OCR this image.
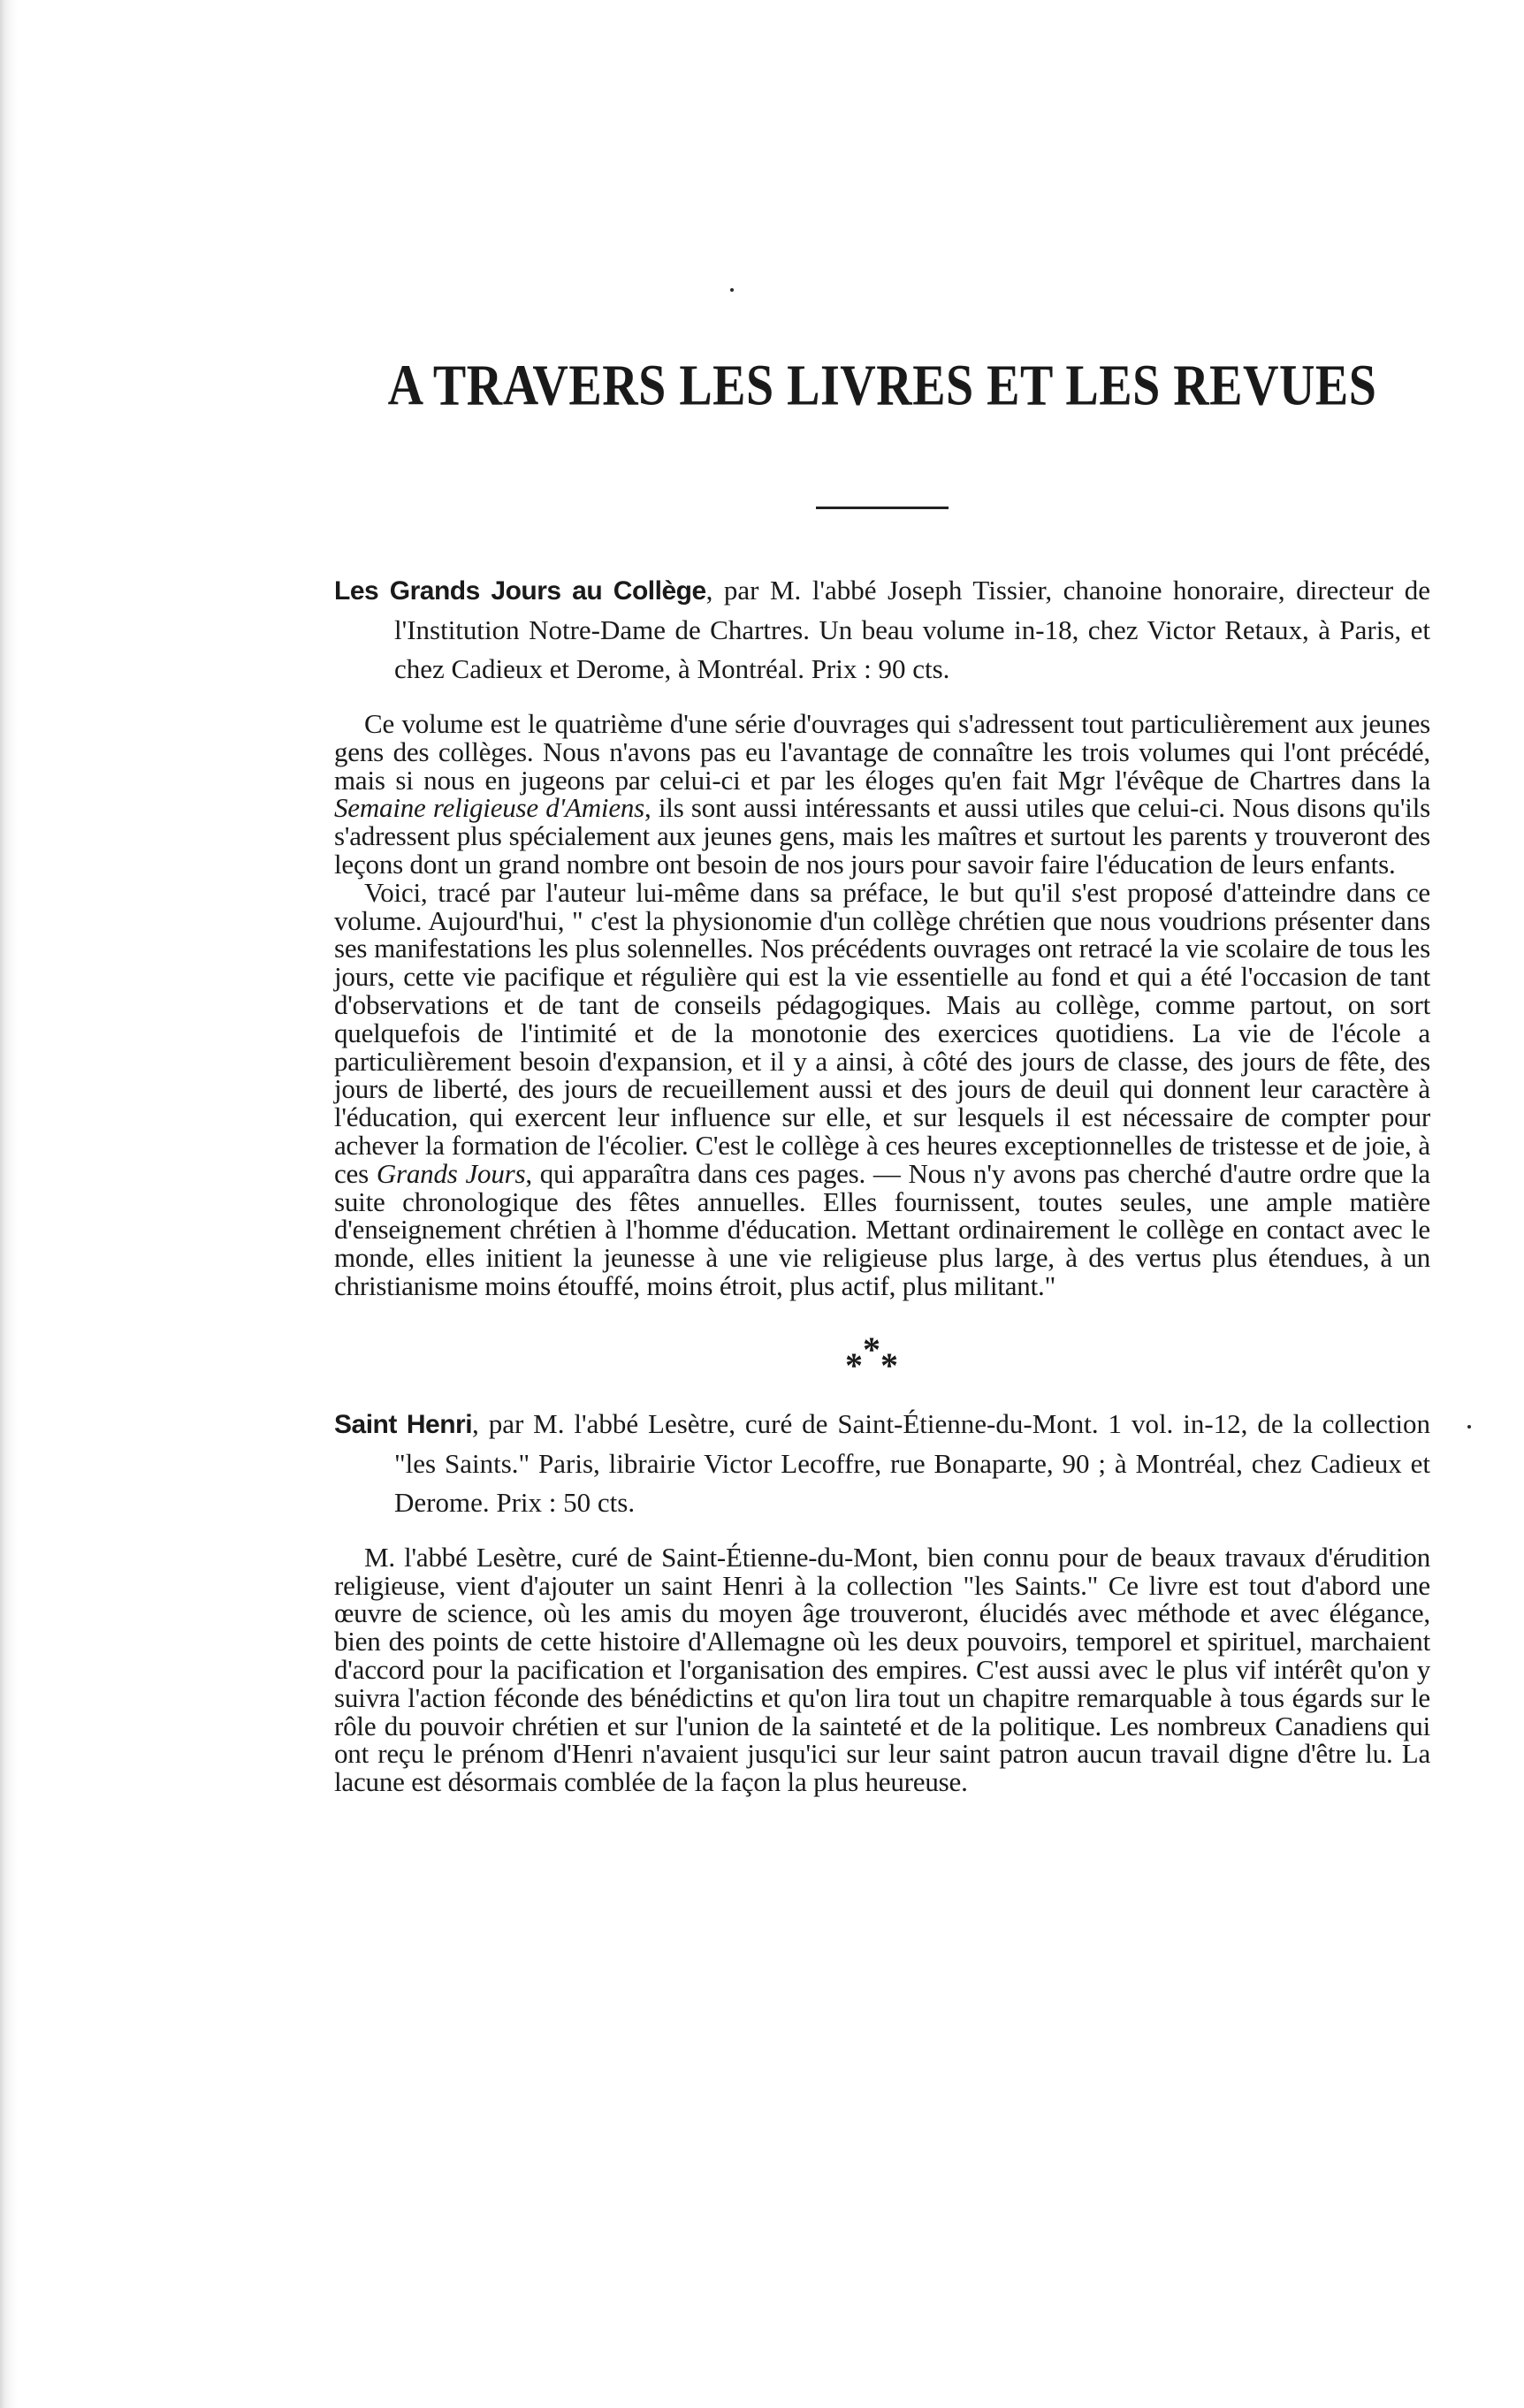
A TRAVERS LES LIVRES ET LES REVUES
Les Grands Jours au Collège, par M. l'abbé Joseph Tissier, chanoine honoraire, directeur de l'Institution Notre-Dame de Chartres. Un beau volume in-18, chez Victor Retaux, à Paris, et chez Cadieux et Derome, à Montréal. Prix : 90 cts.

Ce volume est le quatrième d'une série d'ouvrages qui s'adressent tout particulièrement aux jeunes gens des collèges. Nous n'avons pas eu l'avantage de connaître les trois volumes qui l'ont précédé, mais si nous en jugeons par celui-ci et par les éloges qu'en fait Mgr l'évêque de Chartres dans la Semaine religieuse d'Amiens, ils sont aussi intéressants et aussi utiles que celui-ci. Nous disons qu'ils s'adressent plus spécialement aux jeunes gens, mais les maîtres et surtout les parents y trouveront des leçons dont un grand nombre ont besoin de nos jours pour savoir faire l'éducation de leurs enfants.

Voici, tracé par l'auteur lui-même dans sa préface, le but qu'il s'est proposé d'atteindre dans ce volume. Aujourd'hui, " c'est la physionomie d'un collège chrétien que nous voudrions présenter dans ses manifestations les plus solennelles. Nos précédents ouvrages ont retracé la vie scolaire de tous les jours, cette vie pacifique et régulière qui est la vie essentielle au fond et qui a été l'occasion de tant d'observations et de tant de conseils pédagogiques. Mais au collège, comme partout, on sort quelquefois de l'intimité et de la monotonie des exercices quotidiens. La vie de l'école a particulièrement besoin d'expansion, et il y a ainsi, à côté des jours de classe, des jours de fête, des jours de liberté, des jours de recueillement aussi et des jours de deuil qui donnent leur caractère à l'éducation, qui exercent leur influence sur elle, et sur lesquels il est nécessaire de compter pour achever la formation de l'écolier. C'est le collège à ces heures exceptionnelles de tristesse et de joie, à ces Grands Jours, qui apparaîtra dans ces pages. — Nous n'y avons pas cherché d'autre ordre que la suite chronologique des fêtes annuelles. Elles fournissent, toutes seules, une ample matière d'enseignement chrétien à l'homme d'éducation. Mettant ordinairement le collège en contact avec le monde, elles initient la jeunesse à une vie religieuse plus large, à des vertus plus étendues, à un christianisme moins étouffé, moins étroit, plus actif, plus militant."

*
* *
Saint Henri, par M. l'abbé Lesètre, curé de Saint-Étienne-du-Mont. 1 vol. in-12, de la collection "les Saints." Paris, librairie Victor Lecoffre, rue Bonaparte, 90 ; à Montréal, chez Cadieux et Derome. Prix : 50 cts.

M. l'abbé Lesètre, curé de Saint-Étienne-du-Mont, bien connu pour de beaux travaux d'érudition religieuse, vient d'ajouter un saint Henri à la collection "les Saints." Ce livre est tout d'abord une œuvre de science, où les amis du moyen âge trouveront, élucidés avec méthode et avec élégance, bien des points de cette histoire d'Allemagne où les deux pouvoirs, temporel et spirituel, marchaient d'accord pour la pacification et l'organisation des empires. C'est aussi avec le plus vif intérêt qu'on y suivra l'action féconde des bénédictins et qu'on lira tout un chapitre remarquable à tous égards sur le rôle du pouvoir chrétien et sur l'union de la sainteté et de la politique. Les nombreux Canadiens qui ont reçu le prénom d'Henri n'avaient jusqu'ici sur leur saint patron aucun travail digne d'être lu. La lacune est désormais comblée de la façon la plus heureuse.
